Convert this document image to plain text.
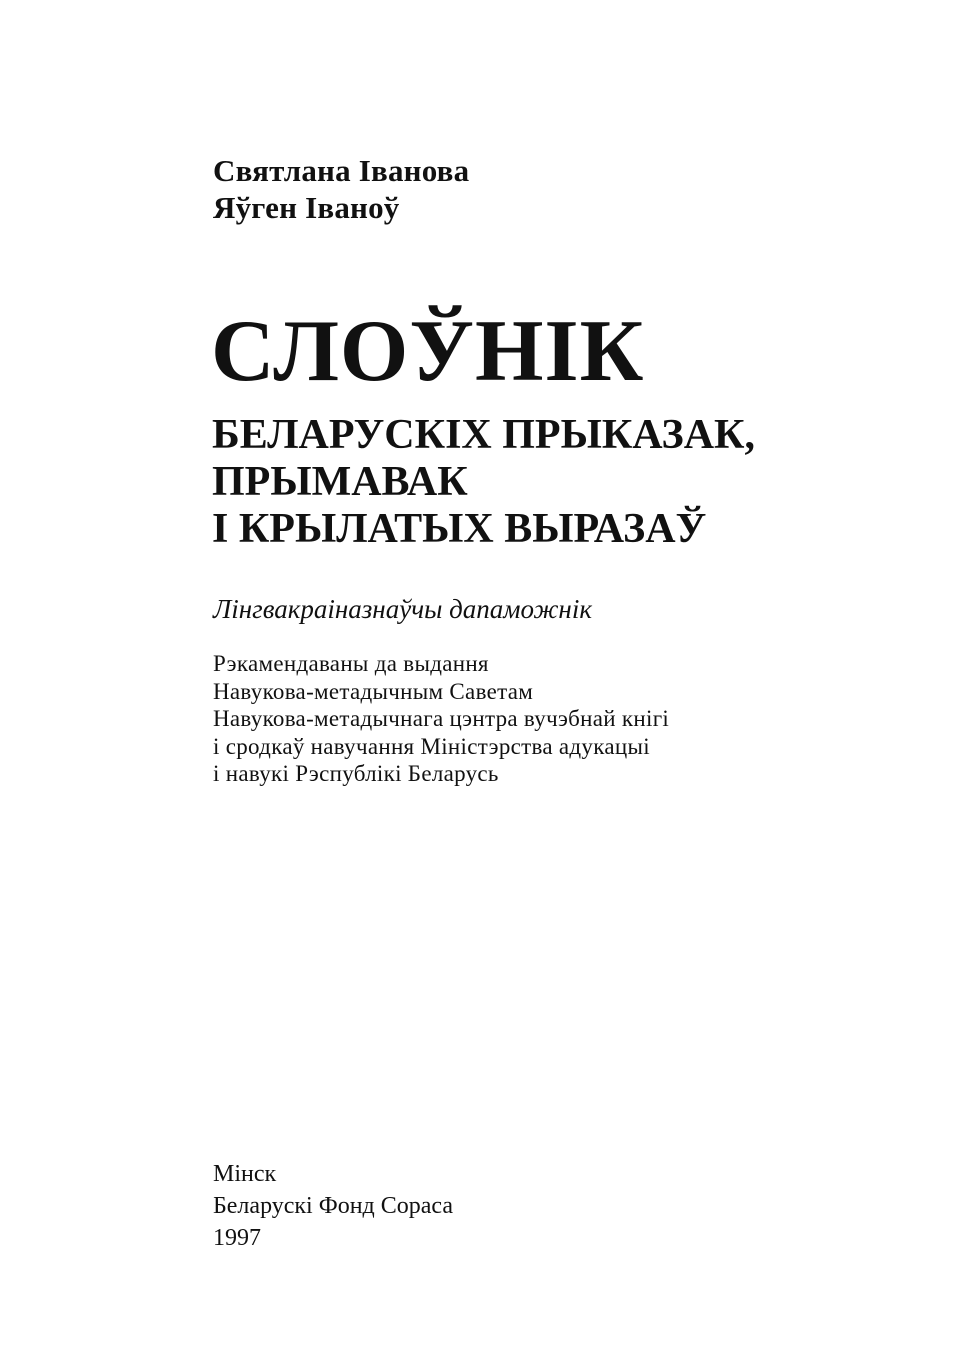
Святлана Іванова
Яўген Іваноў
СЛОЎНІК
БЕЛАРУСКІХ ПРЫКАЗАК,
ПРЫМАВАК
І КРЫЛАТЫХ ВЫРАЗАЎ
Лінгвакраіназнаўчы дапаможнік
Рэкамендаваны да выдання
Навукова-метадычным Саветам
Навукова-метадычнага цэнтра вучэбнай кнігі
і сродкаў навучання Міністэрства адукацыі
і навукі Рэспублікі Беларусь
Мінск
Беларускі Фонд Сораса
1997
